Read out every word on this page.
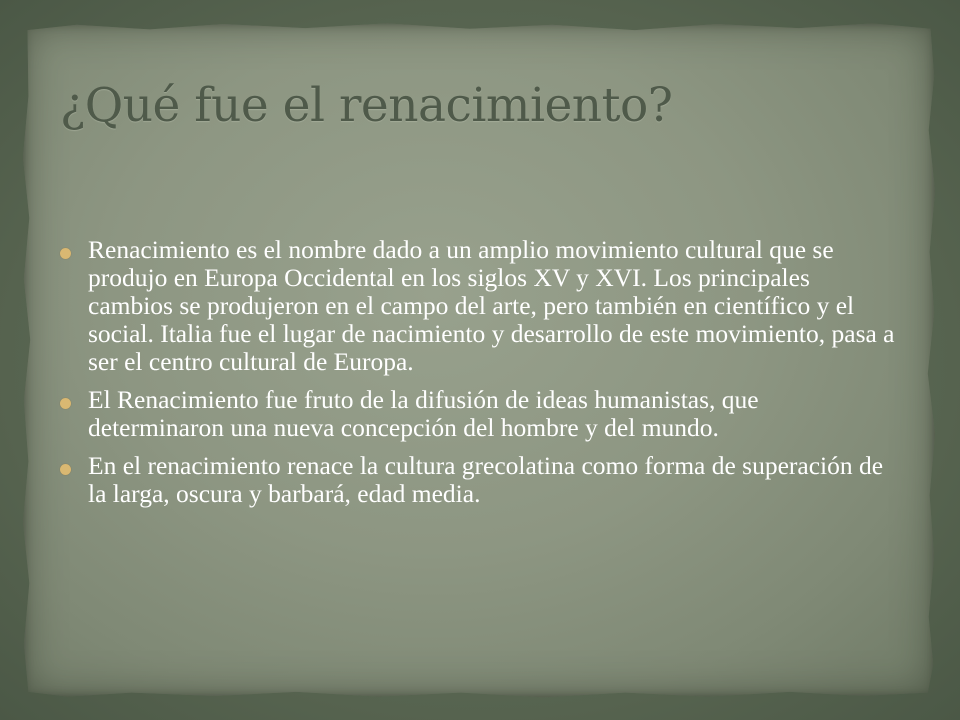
¿Qué fue el renacimiento?
Renacimiento es el nombre dado a un amplio movimiento cultural que se produjo en Europa Occidental en los siglos XV y XVI. Los principales cambios se produjeron en el campo del arte, pero también en científico y el social. Italia fue el lugar de nacimiento y desarrollo de este movimiento, pasa a ser el centro cultural de Europa.
El Renacimiento fue fruto de la difusión de ideas humanistas, que determinaron una nueva concepción del hombre y del mundo.
En el renacimiento renace la cultura grecolatina como forma de superación de la larga, oscura y barbará, edad media.
